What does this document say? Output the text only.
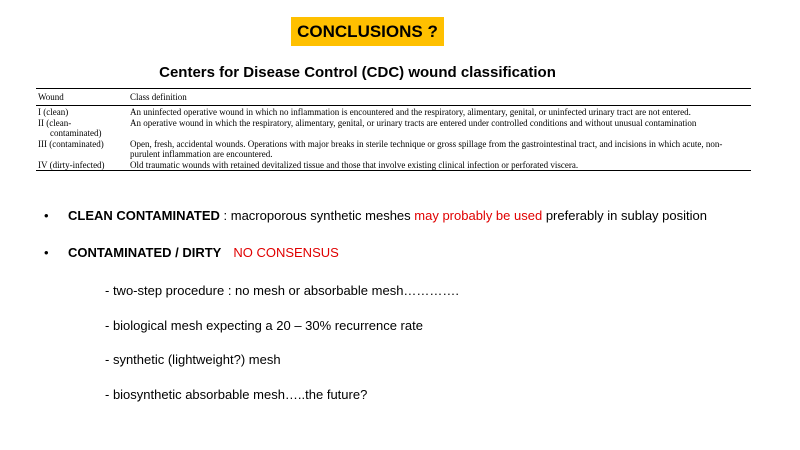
CONCLUSIONS ?
Centers for Disease Control (CDC) wound classification
Wound	Class definition
I (clean)	An uninfected operative wound in which no inflammation is encountered and the respiratory, alimentary, genital, or uninfected urinary tract are not entered.

II (clean-
contaminated)	An operative wound in which the respiratory, alimentary, genital, or urinary tracts are entered under controlled conditions and without unusual contamination
III (contaminated)	Open, fresh, accidental wounds. Operations with major breaks in sterile technique or gross spillage from the gastrointestinal tract, and incisions in which acute, non-purulent inflammation are encountered.
IV (dirty-infected)	Old traumatic wounds with retained devitalized tissue and those that involve existing clinical infection or perforated viscera.
• CLEAN CONTAMINATED : macroporous synthetic meshes may probably be used preferably in sublay position
• CONTAMINATED / DIRTY NO CONSENSUS
- two-step procedure : no mesh or absorbable mesh………….
- biological mesh expecting a 20 – 30% recurrence rate
- synthetic (lightweight?) mesh
- biosynthetic absorbable mesh…..the future?
